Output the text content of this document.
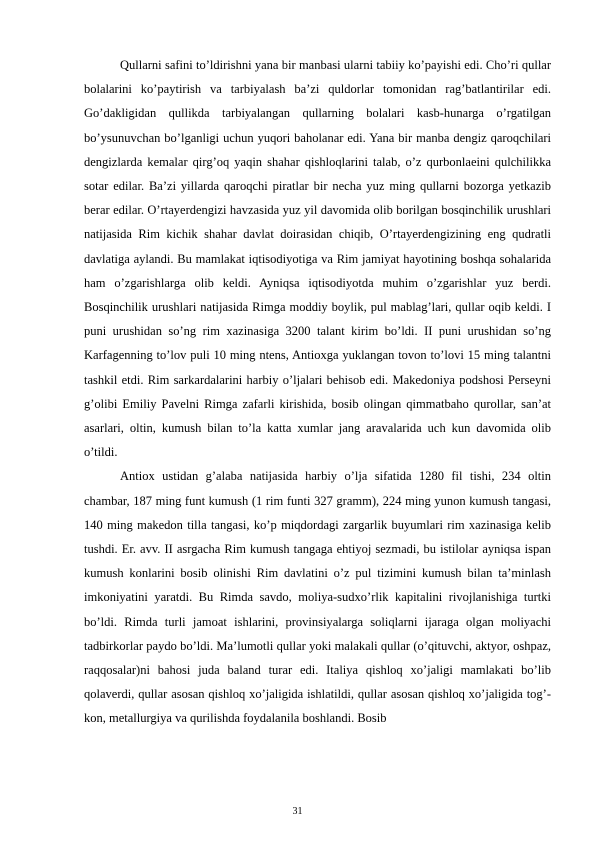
Qullarni safini to’ldirishni yana bir manbasi ularni tabiiy ko’payishi edi. Cho’ri qullar bolalarini ko’paytirish va tarbiyalash ba’zi quldorlar tomonidan rag’batlantirilar edi. Go’dakligidan qullikda tarbiyalangan qullarning bolalari kasb-hunarga o’rgatilgan bo’ysunuvchan bo’lganligi uchun yuqori baholanar edi. Yana bir manba dengiz qaroqchilari dengizlarda kemalar qirg’oq yaqin shahar qishloqlarini talab, o’z qurbonlaeini qulchilikka sotar edilar. Ba’zi yillarda qaroqchi piratlar bir necha yuz ming qullarni bozorga yetkazib berar edilar. O’rtayerdengizi havzasida yuz yil davomida olib borilgan bosqinchilik urushlari natijasida Rim kichik shahar davlat doirasidan chiqib, O’rtayerdengizining eng qudratli davlatiga aylandi. Bu mamlakat iqtisodiyotiga va Rim jamiyat hayotining boshqa sohalarida ham o’zgarishlarga olib keldi. Ayniqsa iqtisodiyotda muhim o’zgarishlar yuz berdi. Bosqinchilik urushlari natijasida Rimga moddiy boylik, pul mablag’lari, qullar oqib keldi. I puni urushidan so’ng rim xazinasiga 3200 talant kirim bo’ldi. II puni urushidan so’ng Karfagenning to’lov puli 10 ming ntens, Antioxga yuklangan tovon to’lovi 15 ming talantni tashkil etdi. Rim sarkardalarini harbiy o’ljalari behisob edi. Makedoniya podshosi Perseyni g’olibi Emiliy Pavelni Rimga zafarli kirishida, bosib olingan qimmatbaho qurollar, san’at asarlari, oltin, kumush bilan to’la katta xumlar jang aravalarida uch kun davomida olib o’tildi.

Antiox ustidan g’alaba natijasida harbiy o’lja sifatida 1280 fil tishi, 234 oltin chambar, 187 ming funt kumush (1 rim funti 327 gramm), 224 ming yunon kumush tangasi, 140 ming makedon tilla tangasi, ko’p miqdordagi zargarlik buyumlari rim xazinasiga kelib tushdi. Er. avv. II asrgacha Rim kumush tangaga ehtiyoj sezmadi, bu istilolar ayniqsa ispan kumush konlarini bosib olinishi Rim davlatini o’z pul tizimini kumush bilan ta’minlash imkoniyatini yaratdi. Bu Rimda savdo, moliya-sudxo’rlik kapitalini rivojlanishiga turtki bo’ldi. Rimda turli jamoat ishlarini, provinsiyalarga soliqlarni ijaraga olgan moliyachi tadbirkorlar paydo bo’ldi. Ma’lumotli qullar yoki malakali qullar (o’qituvchi, aktyor, oshpaz, raqqosalar)ni bahosi juda baland turar edi. Italiya qishloq xo’jaligi mamlakati bo’lib qolaverdi, qullar asosan qishloq xo’jaligida ishlatildi, qullar asosan qishloq xo’jaligida tog’-kon, metallurgiya va qurilishda foydalanila boshlandi. Bosib

31
